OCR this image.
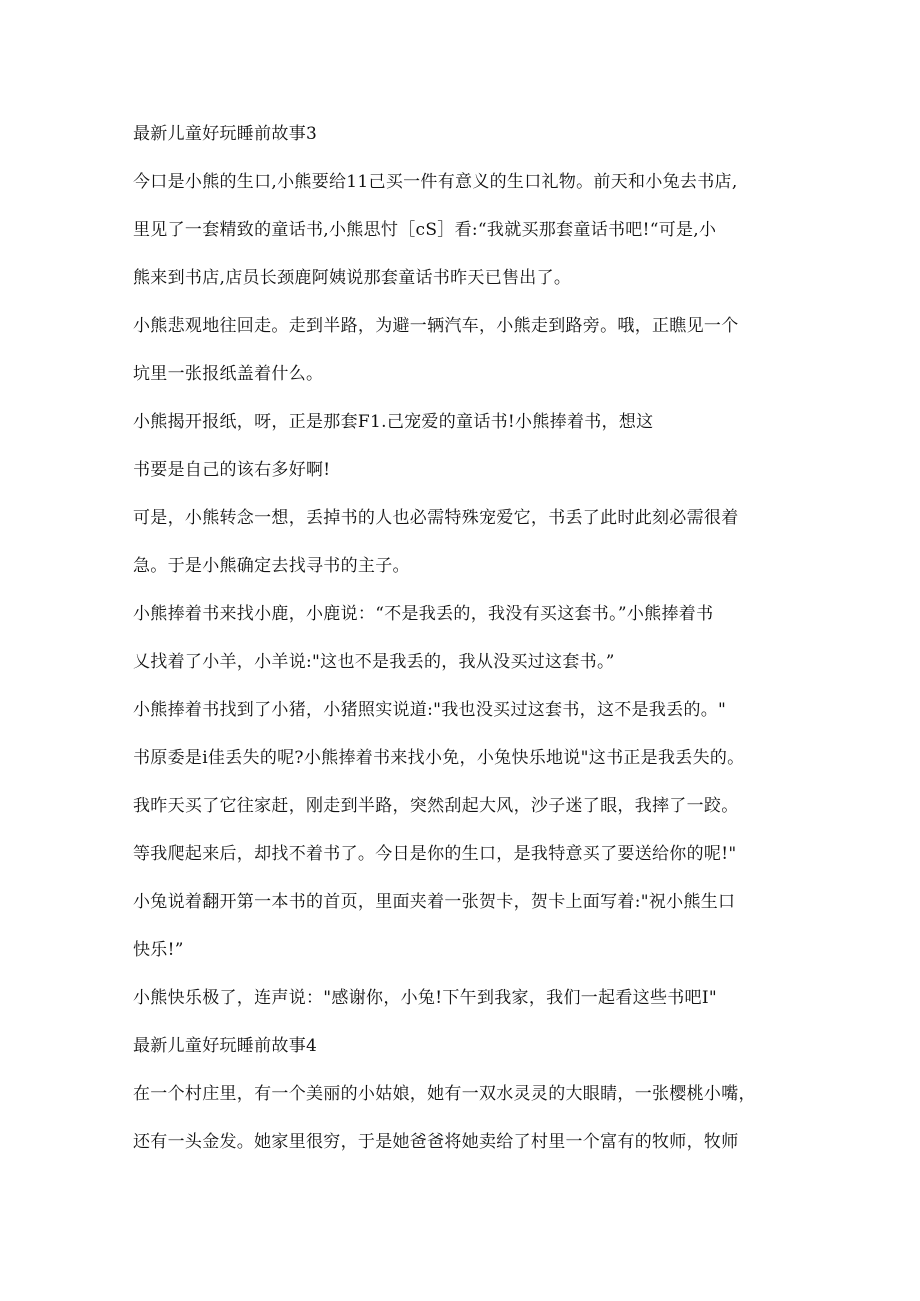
最新儿童好玩睡前故事3
今口是小熊的生口,小熊要给11己买一件有意义的生口礼物。前天和小兔去书店,
里见了一套精致的童话书,小熊思忖［cS］看:“我就买那套童话书吧!“可是,小
熊来到书店,店员长颈鹿阿姨说那套童话书昨天已售出了。
小熊悲观地往回走。走到半路，为避一辆汽车，小熊走到路旁。哦，正瞧见一个
坑里一张报纸盖着什么。
小熊揭开报纸，呀，正是那套F1.己宠爱的童话书!小熊捧着书，想这
书要是自己的该右多好啊!
可是，小熊转念一想，丢掉书的人也必需特殊宠爱它，书丢了此时此刻必需很着
急。于是小熊确定去找寻书的主子。
小熊捧着书来找小鹿，小鹿说：“不是我丢的，我没有买这套书。”小熊捧着书
乂找着了小羊，小羊说:"这也不是我丢的，我从没买过这套书。”
小熊捧着书找到了小猪，小猪照实说道:"我也没买过这套书，这不是我丢的。"
书原委是i佳丢失的呢?小熊捧着书来找小免，小兔快乐地说"这书正是我丢失的。
我昨天买了它往家赶，刚走到半路，突然刮起大风，沙子迷了眼，我摔了一跤。
等我爬起来后，却找不着书了。今日是你的生口，是我特意买了要送给你的呢!"
小兔说着翻开第一本书的首页，里面夹着一张贺卡，贺卡上面写着:"祝小熊生口
快乐!”
小熊快乐极了，连声说："感谢你，小兔!下午到我家，我们一起看这些书吧I"
最新儿童好玩睡前故事4
在一个村庄里，有一个美丽的小姑娘，她有一双水灵灵的大眼睛，一张樱桃小嘴，
还有一头金发。她家里很穷，于是她爸爸将她卖给了村里一个富有的牧师，牧师
